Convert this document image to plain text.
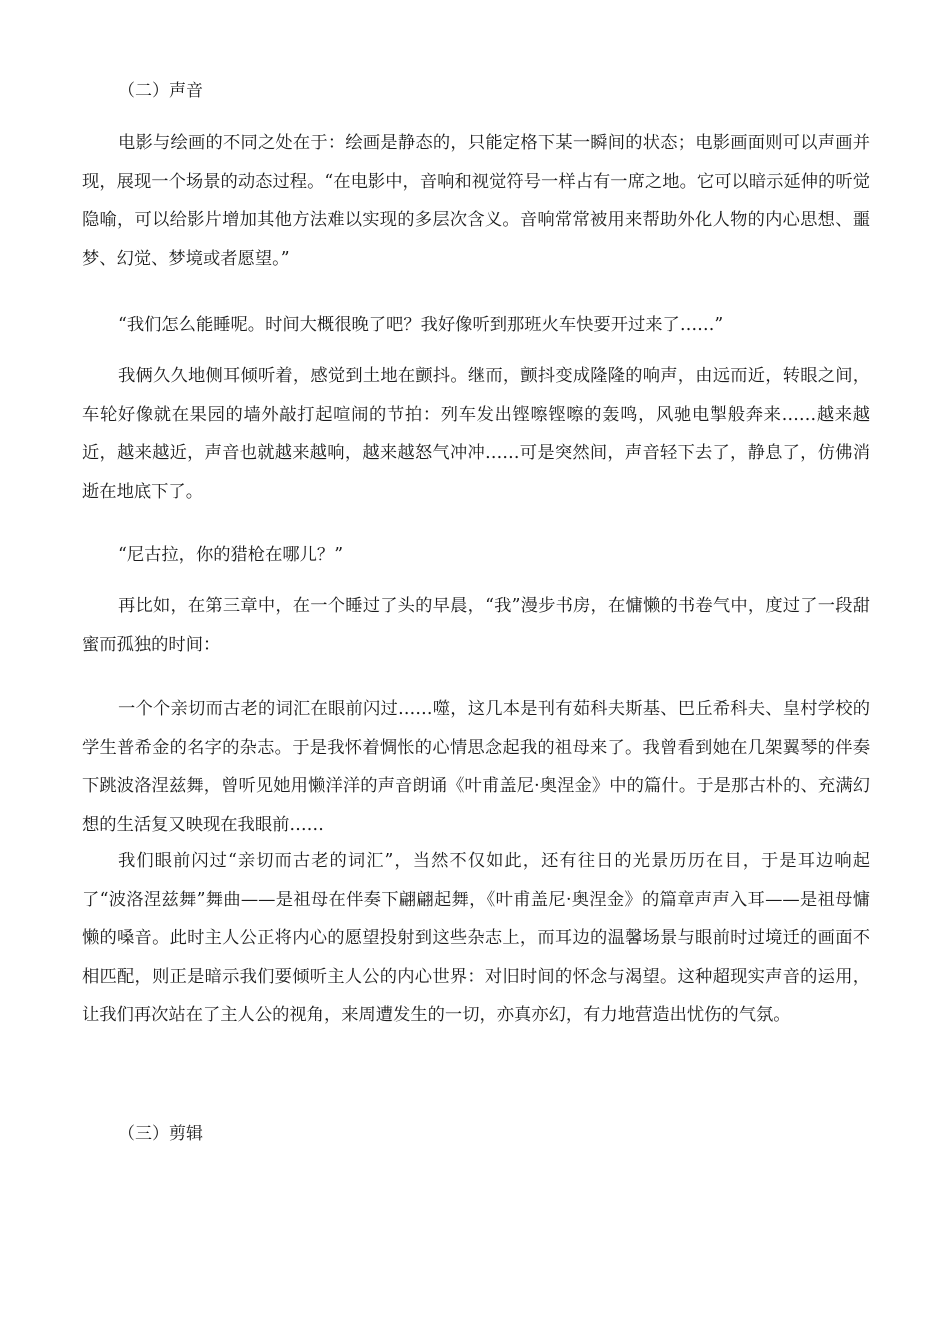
（二）声音

电影与绘画的不同之处在于：绘画是静态的，只能定格下某一瞬间的状态；电影画面则可以声画并现，展现一个场景的动态过程。“在电影中，音响和视觉符号一样占有一席之地。它可以暗示延伸的听觉隐喻，可以给影片增加其他方法难以实现的多层次含义。音响常常被用来帮助外化人物的内心思想、噩梦、幻觉、梦境或者愿望。”

“我们怎么能睡呢。时间大概很晚了吧？我好像听到那班火车快要开过来了……”

我俩久久地侧耳倾听着，感觉到土地在颤抖。继而，颤抖变成隆隆的响声，由远而近，转眼之间，车轮好像就在果园的墙外敲打起喧闹的节拍：列车发出铿嚓铿嚓的轰鸣，风驰电掣般奔来……越来越近，越来越近，声音也就越来越响，越来越怒气冲冲……可是突然间，声音轻下去了，静息了，仿佛消逝在地底下了。

“尼古拉，你的猎枪在哪儿？”

再比如，在第三章中，在一个睡过了头的早晨，“我”漫步书房，在慵懒的书卷气中，度过了一段甜蜜而孤独的时间：

一个个亲切而古老的词汇在眼前闪过……噬，这几本是刊有茹科夫斯基、巴丘希科夫、皇村学校的学生普希金的名字的杂志。于是我怀着惆怅的心情思念起我的祖母来了。我曾看到她在几架翼琴的伴奏下跳波洛涅兹舞，曾听见她用懒洋洋的声音朗诵《叶甫盖尼·奥涅金》中的篇什。于是那古朴的、充满幻想的生活复又映现在我眼前……

我们眼前闪过“亲切而古老的词汇”，当然不仅如此，还有往日的光景历历在目，于是耳边响起了“波洛涅兹舞”舞曲——是祖母在伴奏下翩翩起舞，《叶甫盖尼·奥涅金》的篇章声声入耳——是祖母慵懒的嗓音。此时主人公正将内心的愿望投射到这些杂志上，而耳边的温馨场景与眼前时过境迁的画面不相匹配，则正是暗示我们要倾听主人公的内心世界：对旧时间的怀念与渴望。这种超现实声音的运用，让我们再次站在了主人公的视角，来周遭发生的一切，亦真亦幻，有力地营造出忧伤的气氛。

（三）剪辑
